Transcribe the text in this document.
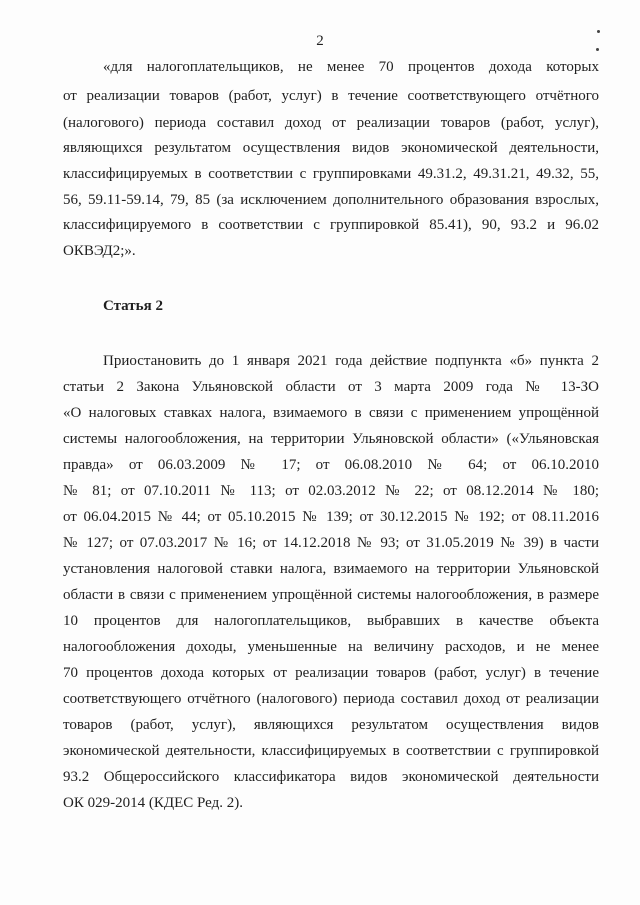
2
«для налогоплательщиков, не менее 70 процентов дохода которых
от реализации товаров (работ, услуг) в течение соответствующего отчётного
(налогового) периода составил доход от реализации товаров (работ, услуг),
являющихся результатом осуществления видов экономической деятельности,
классифицируемых в соответствии с группировками 49.31.2, 49.31.21, 49.32, 55,
56, 59.11-59.14, 79, 85 (за исключением дополнительного образования взрослых,
классифицируемого в соответствии с группировкой 85.41), 90, 93.2 и 96.02
ОКВЭД2;».
Статья 2
Приостановить до 1 января 2021 года действие подпункта «б» пункта 2
статьи 2 Закона Ульяновской области от 3 марта 2009 года № 13-ЗО
«О налоговых ставках налога, взимаемого в связи с применением упрощённой
системы налогообложения, на территории Ульяновской области» («Ульяновская
правда» от 06.03.2009 № 17; от 06.08.2010 № 64; от 06.10.2010
№ 81; от 07.10.2011 № 113; от 02.03.2012 № 22; от 08.12.2014 № 180;
от 06.04.2015 № 44; от 05.10.2015 № 139; от 30.12.2015 № 192; от 08.11.2016
№ 127; от 07.03.2017 № 16; от 14.12.2018 № 93; от 31.05.2019 № 39) в части
установления налоговой ставки налога, взимаемого на территории Ульяновской
области в связи с применением упрощённой системы налогообложения, в размере
10 процентов для налогоплательщиков, выбравших в качестве объекта
налогообложения доходы, уменьшенные на величину расходов, и не менее
70 процентов дохода которых от реализации товаров (работ, услуг) в течение
соответствующего отчётного (налогового) периода составил доход от реализации
товаров (работ, услуг), являющихся результатом осуществления видов
экономической деятельности, классифицируемых в соответствии с группировкой
93.2 Общероссийского классификатора видов экономической деятельности
ОК 029-2014 (КДЕС Ред. 2).
